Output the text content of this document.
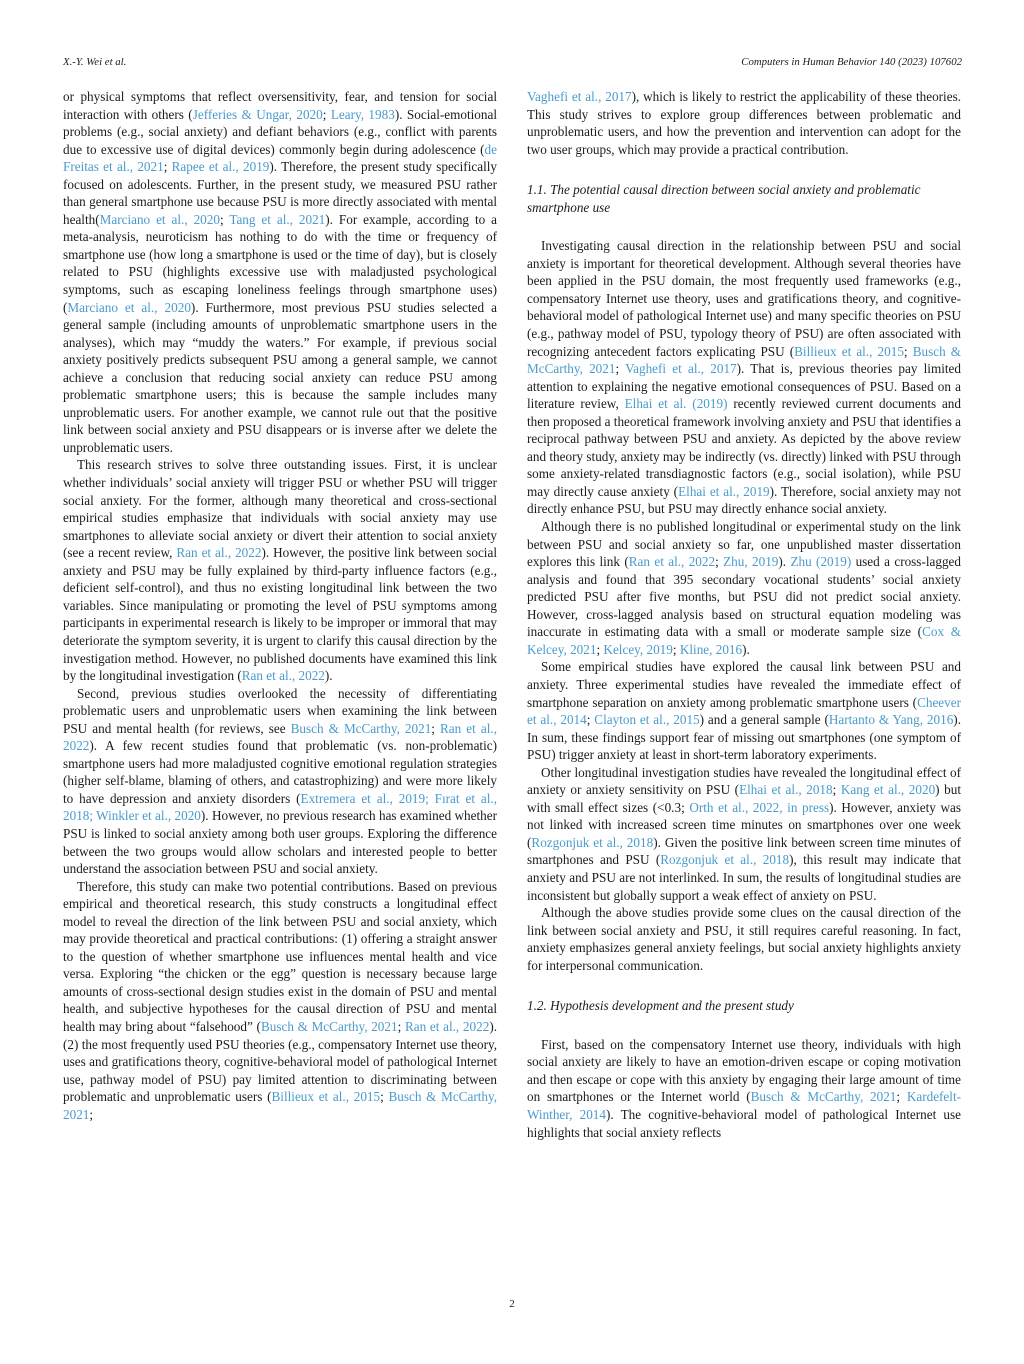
X.-Y. Wei et al.	Computers in Human Behavior 140 (2023) 107602

or physical symptoms that reflect oversensitivity, fear, and tension for social interaction with others (Jefferies & Ungar, 2020; Leary, 1983). Social-emotional problems (e.g., social anxiety) and defiant behaviors (e.g., conflict with parents due to excessive use of digital devices) commonly begin during adolescence (de Freitas et al., 2021; Rapee et al., 2019). Therefore, the present study specifically focused on adolescents. Further, in the present study, we measured PSU rather than general smartphone use because PSU is more directly associated with mental health(Marciano et al., 2020; Tang et al., 2021). For example, according to a meta-analysis, neuroticism has nothing to do with the time or frequency of smartphone use (how long a smartphone is used or the time of day), but is closely related to PSU (highlights excessive use with maladjusted psychological symptoms, such as escaping loneliness feelings through smartphone uses) (Marciano et al., 2020). Furthermore, most previous PSU studies selected a general sample (including amounts of unproblematic smartphone users in the analyses), which may “muddy the waters.” For example, if previous social anxiety positively predicts subsequent PSU among a general sample, we cannot achieve a conclusion that reducing social anxiety can reduce PSU among problematic smartphone users; this is because the sample includes many unproblematic users. For another example, we cannot rule out that the positive link between social anxiety and PSU disappears or is inverse after we delete the unproblematic users.

This research strives to solve three outstanding issues. First, it is unclear whether individuals’ social anxiety will trigger PSU or whether PSU will trigger social anxiety. For the former, although many theoretical and cross-sectional empirical studies emphasize that individuals with social anxiety may use smartphones to alleviate social anxiety or divert their attention to social anxiety (see a recent review, Ran et al., 2022). However, the positive link between social anxiety and PSU may be fully explained by third-party influence factors (e.g., deficient self-control), and thus no existing longitudinal link between the two variables. Since manipulating or promoting the level of PSU symptoms among participants in experimental research is likely to be improper or immoral that may deteriorate the symptom severity, it is urgent to clarify this causal direction by the investigation method. However, no published documents have examined this link by the longitudinal investigation (Ran et al., 2022).

Second, previous studies overlooked the necessity of differentiating problematic users and unproblematic users when examining the link between PSU and mental health (for reviews, see Busch & McCarthy, 2021; Ran et al., 2022). A few recent studies found that problematic (vs. non-problematic) smartphone users had more maladjusted cognitive emotional regulation strategies (higher self-blame, blaming of others, and catastrophizing) and were more likely to have depression and anxiety disorders (Extremera et al., 2019; Fırat et al., 2018; Winkler et al., 2020). However, no previous research has examined whether PSU is linked to social anxiety among both user groups. Exploring the difference between the two groups would allow scholars and interested people to better understand the association between PSU and social anxiety.

Therefore, this study can make two potential contributions. Based on previous empirical and theoretical research, this study constructs a longitudinal effect model to reveal the direction of the link between PSU and social anxiety, which may provide theoretical and practical contributions: (1) offering a straight answer to the question of whether smartphone use influences mental health and vice versa. Exploring “the chicken or the egg” question is necessary because large amounts of cross-sectional design studies exist in the domain of PSU and mental health, and subjective hypotheses for the causal direction of PSU and mental health may bring about “falsehood” (Busch & McCarthy, 2021; Ran et al., 2022). (2) the most frequently used PSU theories (e.g., compensatory Internet use theory, uses and gratifications theory, cognitive-behavioral model of pathological Internet use, pathway model of PSU) pay limited attention to discriminating between problematic and unproblematic users (Billieux et al., 2015; Busch & McCarthy, 2021;

Vaghefi et al., 2017), which is likely to restrict the applicability of these theories. This study strives to explore group differences between problematic and unproblematic users, and how the prevention and intervention can adopt for the two user groups, which may provide a practical contribution.

1.1. The potential causal direction between social anxiety and problematic smartphone use

Investigating causal direction in the relationship between PSU and social anxiety is important for theoretical development. Although several theories have been applied in the PSU domain, the most frequently used frameworks (e.g., compensatory Internet use theory, uses and gratifications theory, and cognitive-behavioral model of pathological Internet use) and many specific theories on PSU (e.g., pathway model of PSU, typology theory of PSU) are often associated with recognizing antecedent factors explicating PSU (Billieux et al., 2015; Busch & McCarthy, 2021; Vaghefi et al., 2017). That is, previous theories pay limited attention to explaining the negative emotional consequences of PSU. Based on a literature review, Elhai et al. (2019) recently reviewed current documents and then proposed a theoretical framework involving anxiety and PSU that identifies a reciprocal pathway between PSU and anxiety. As depicted by the above review and theory study, anxiety may be indirectly (vs. directly) linked with PSU through some anxiety-related transdiagnostic factors (e.g., social isolation), while PSU may directly cause anxiety (Elhai et al., 2019). Therefore, social anxiety may not directly enhance PSU, but PSU may directly enhance social anxiety.

Although there is no published longitudinal or experimental study on the link between PSU and social anxiety so far, one unpublished master dissertation explores this link (Ran et al., 2022; Zhu, 2019). Zhu (2019) used a cross-lagged analysis and found that 395 secondary vocational students’ social anxiety predicted PSU after five months, but PSU did not predict social anxiety. However, cross-lagged analysis based on structural equation modeling was inaccurate in estimating data with a small or moderate sample size (Cox & Kelcey, 2021; Kelcey, 2019; Kline, 2016).

Some empirical studies have explored the causal link between PSU and anxiety. Three experimental studies have revealed the immediate effect of smartphone separation on anxiety among problematic smartphone users (Cheever et al., 2014; Clayton et al., 2015) and a general sample (Hartanto & Yang, 2016). In sum, these findings support fear of missing out smartphones (one symptom of PSU) trigger anxiety at least in short-term laboratory experiments.

Other longitudinal investigation studies have revealed the longitudinal effect of anxiety or anxiety sensitivity on PSU (Elhai et al., 2018; Kang et al., 2020) but with small effect sizes (<0.3; Orth et al., 2022, in press). However, anxiety was not linked with increased screen time minutes on smartphones over one week (Rozgonjuk et al., 2018). Given the positive link between screen time minutes of smartphones and PSU (Rozgonjuk et al., 2018), this result may indicate that anxiety and PSU are not interlinked. In sum, the results of longitudinal studies are inconsistent but globally support a weak effect of anxiety on PSU.

Although the above studies provide some clues on the causal direction of the link between social anxiety and PSU, it still requires careful reasoning. In fact, anxiety emphasizes general anxiety feelings, but social anxiety highlights anxiety for interpersonal communication.

1.2. Hypothesis development and the present study

First, based on the compensatory Internet use theory, individuals with high social anxiety are likely to have an emotion-driven escape or coping motivation and then escape or cope with this anxiety by engaging their large amount of time on smartphones or the Internet world (Busch & McCarthy, 2021; Kardefelt-Winther, 2014). The cognitive-behavioral model of pathological Internet use highlights that social anxiety reflects

2
